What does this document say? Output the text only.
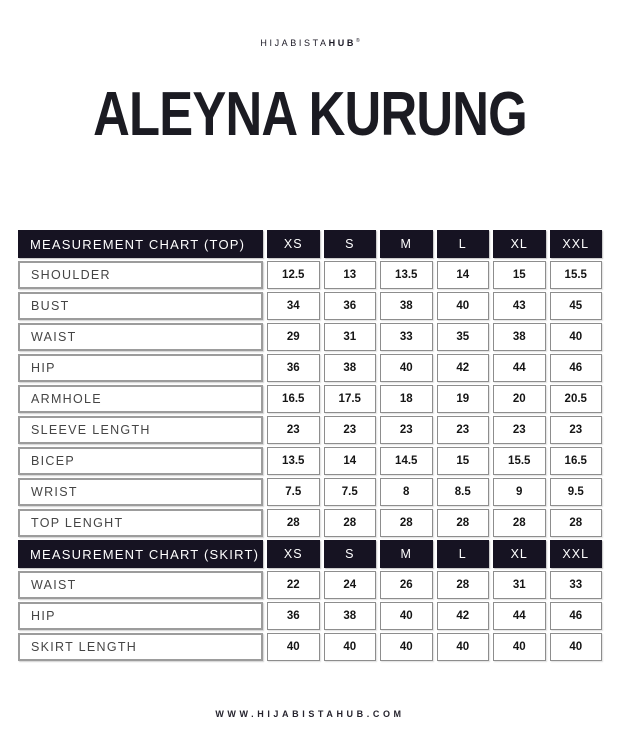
HIJABISTAHUB®
ALEYNA KURUNG
MEASUREMENT CHART (TOP)	XS	S	M	L	XL	XXL
SHOULDER	12.5	13	13.5	14	15	15.5
BUST	34	36	38	40	43	45
WAIST	29	31	33	35	38	40
HIP	36	38	40	42	44	46
ARMHOLE	16.5	17.5	18	19	20	20.5
SLEEVE LENGTH	23	23	23	23	23	23
BICEP	13.5	14	14.5	15	15.5	16.5
WRIST	7.5	7.5	8	8.5	9	9.5
TOP LENGHT	28	28	28	28	28	28
MEASUREMENT CHART (SKIRT)	XS	S	M	L	XL	XXL
WAIST	22	24	26	28	31	33
HIP	36	38	40	42	44	46
SKIRT LENGTH	40	40	40	40	40	40
WWW.HIJABISTAHUB.COM
